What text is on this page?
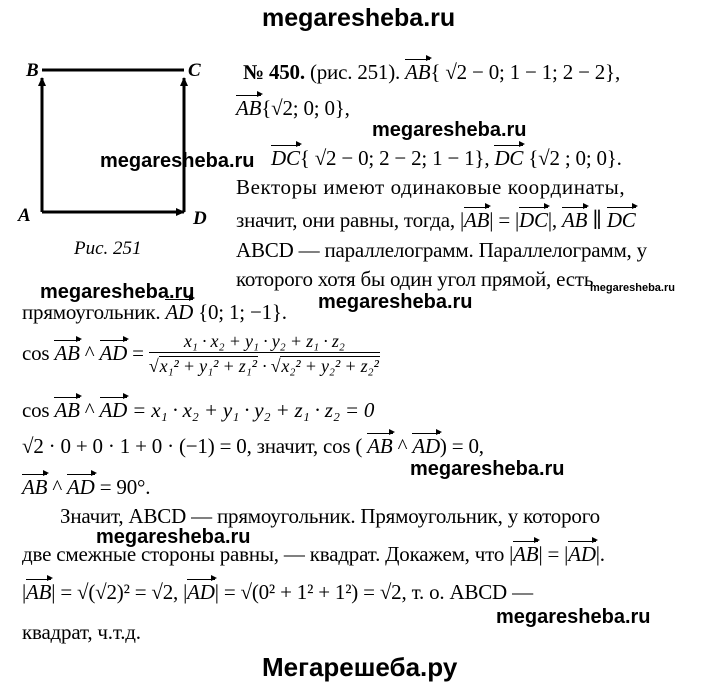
megaresheba.ru
megaresheba.ru
megaresheba.ru
megaresheba.ru
megaresheba.ru	megaresheba.ru
megaresheba.ru
megaresheba.ru
megaresheba.ru
Мегарешеба.ру
B	C
A	D
Рис. 251
№ 450. (рис. 251). AB{ √2 − 0; 1 − 1; 2 − 2},
AB{√2; 0; 0},
DC{ √2 − 0; 2 − 2; 1 − 1}, DC {√2 ; 0; 0}.
Векторы имеют одинаковые координаты,
значит, они равны, тогда, |AB| = |DC|, AB ∥ DC
ABCD — параллелограмм. Параллелограмм, у
которого хотя бы один угол прямой, есть
прямоугольник. AD {0; 1; −1}.
cos AB ^ AD = $\frac{\text{x₁ · x₂ + y₁ · y₂ + z₁ · z₂}}{\text{√x₁² + y₁² + z₁² · √x₂² + y₂² + z₂²}}$
cos AB ^ AD = x₁ · x₂ + y₁ · y₂ + z₁ · z₂ = 0
√2 · 0 + 0 · 1 + 0 · (−1) = 0, значит, cos ( AB ^ AD) = 0,
AB ^ AD = 90°.
Значит, ABCD — прямоугольник. Прямоугольник, у которого
две смежные стороны равны, — квадрат. Докажем, что |AB| = |AD|.
|AB| = √(√2)² = √2, |AD| = √(0² + 1² + 1²) = √2, т. о. ABCD —
квадрат, ч.т.д.
